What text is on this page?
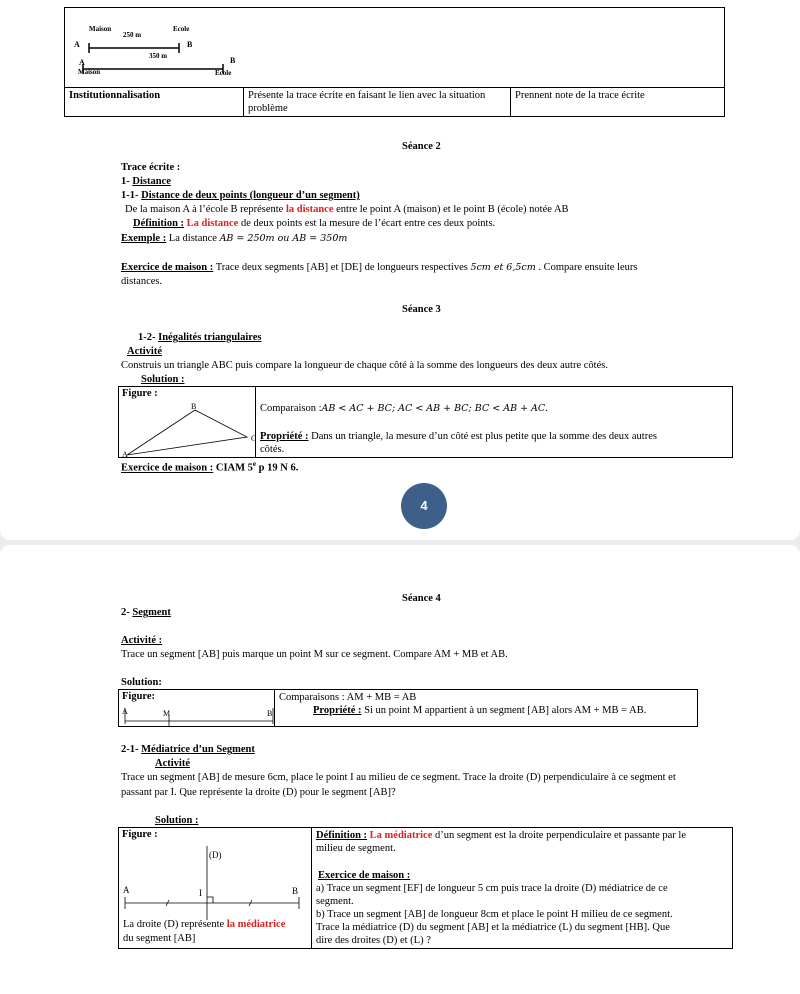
Maison	Ecole
250 m
A	B
350 m
A	B
Maison	Ecole

Institutionnalisation	Présente la trace écrite en faisant le lien avec la situation problème	Prennent note de la trace écrite
Séance 2
Trace écrite :
1- Distance
1-1- Distance de deux points (longueur d’un segment)
De la maison A à l’école B représente la distance entre le point A (maison) et le point B (école) notée AB
Définition : La distance de deux points est la mesure de l’écart entre ces deux points.
Exemple : La distance AB = 250m ou AB = 350m
Exercice de maison : Trace deux segments [AB] et [DE] de longueurs respectives 5cm et 6,5cm . Compare ensuite leurs
distances.
Séance 3
1-2- Inégalités triangulaires
Activité
Construis un triangle ABC puis compare la longueur de chaque côté à la somme des longueurs des deux autre côtés.
Solution :
Figure :
B
C
A

Comparaison :AB < AC + BC; AC < AB + BC; BC < AB + AC.
Propriété : Dans un triangle, la mesure d’un côté est plus petite que la somme des deux autres
côtés.
Exercice de maison : CIAM 5e p 19 N 6.
4
Séance 4
2- Segment
Activité :
Trace un segment [AB] puis marque un point M sur ce segment. Compare AM + MB et AB.
Solution:
Figure:
A	M	B

Comparaisons : AM + MB = AB
Propriété : Si un point M appartient à un segment [AB] alors AM + MB = AB.
2-1- Médiatrice d’un Segment
Activité
Trace un segment [AB] de mesure 6cm, place le point I au milieu de ce segment. Trace la droite (D) perpendiculaire à ce segment et
passant par I. Que représente la droite (D) pour le segment [AB]?
Solution :
Figure :
(D)
A	I	B
La droite (D) représente la médiatrice
du segment [AB]

Définition : La médiatrice d’un segment est la droite perpendiculaire et passante par le
milieu de segment.
Exercice de maison :
a) Trace un segment [EF] de longueur 5 cm puis trace la droite (D) médiatrice de ce
segment.
b) Trace un segment [AB] de longueur 8cm et place le point H milieu de ce segment.
Trace la médiatrice (D) du segment [AB] et la médiatrice (L) du segment [HB]. Que
dire des droites (D) et (L) ?
